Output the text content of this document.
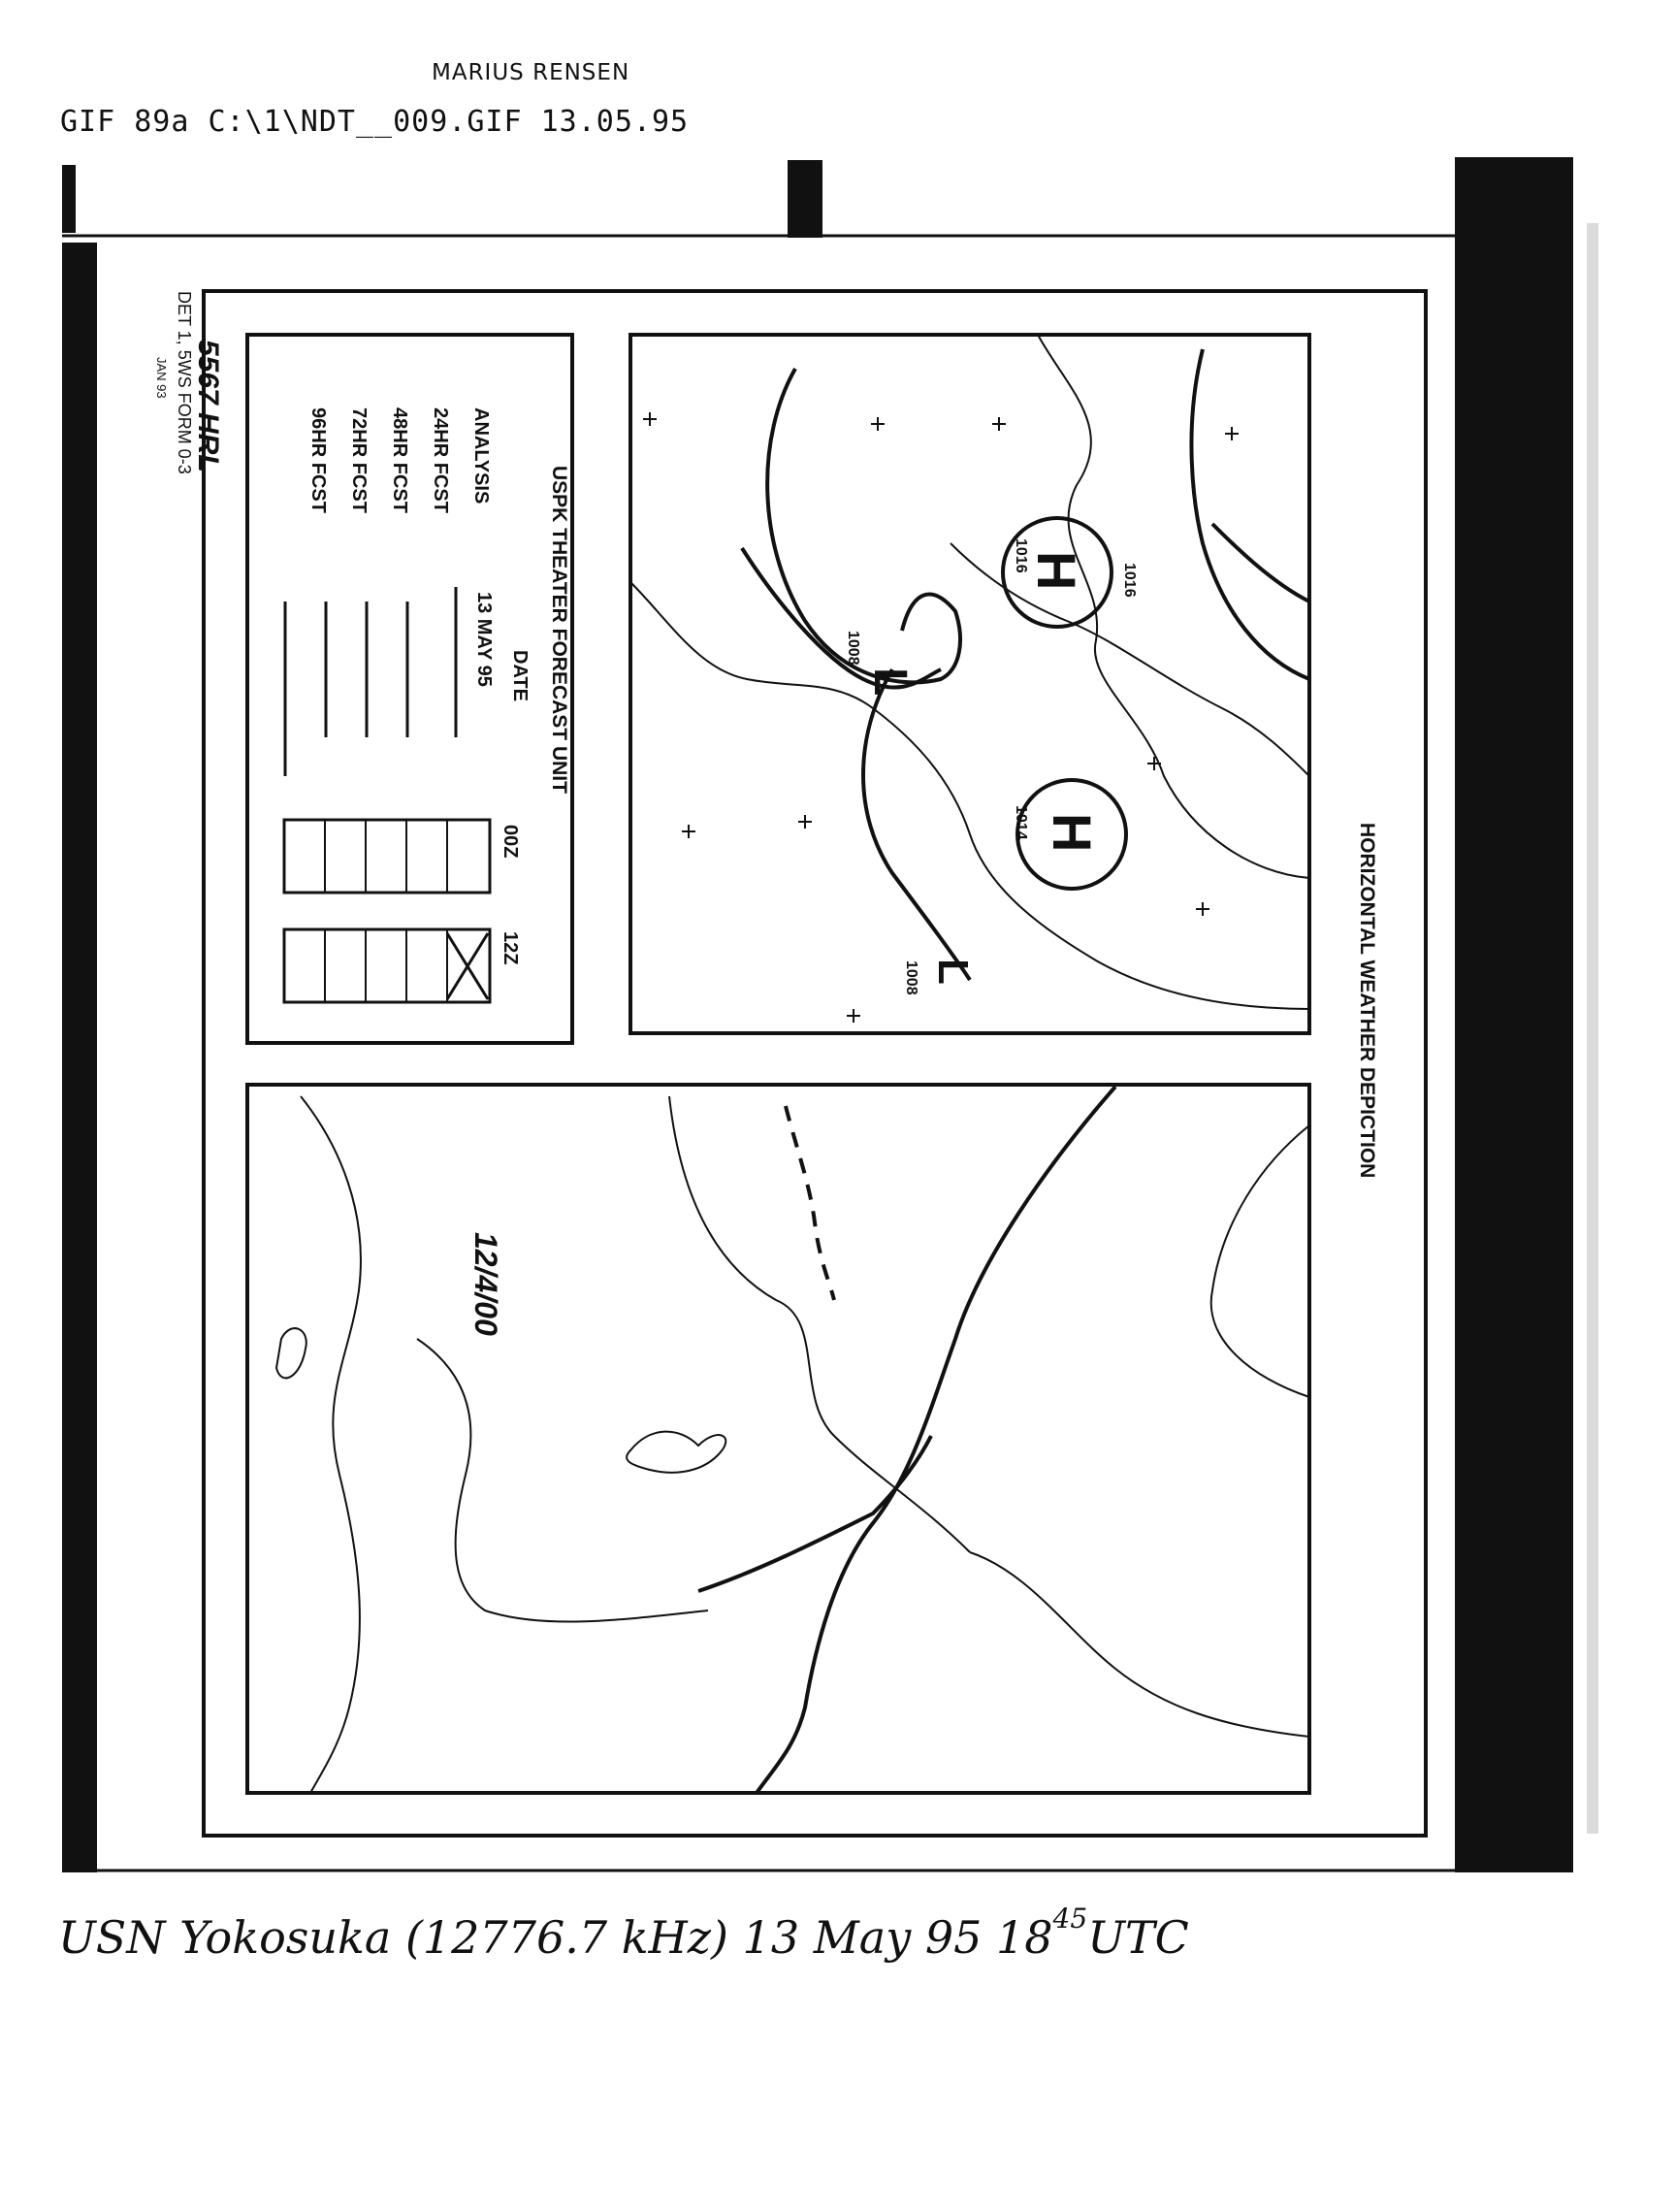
MARIUS RENSEN
GIF 89a C:\1\NDT__009.GIF 13.05.95
USPK THEATER FORECAST UNIT
DATE
13 MAY 95
00Z
12Z
ANALYSIS
24HR FCST
48HR FCST
72HR FCST
96HR FCST
DET 1, 5WS FORM 0-3
JAN 93 5567 HRL
HORIZONTAL WEATHER DEPICTION
H
1016
1016
H
1014
L
L
1008
1008
12/4/00
USN Yokosuka (12776.7 kHz) 13 May 95 $18^{45}UTC$
